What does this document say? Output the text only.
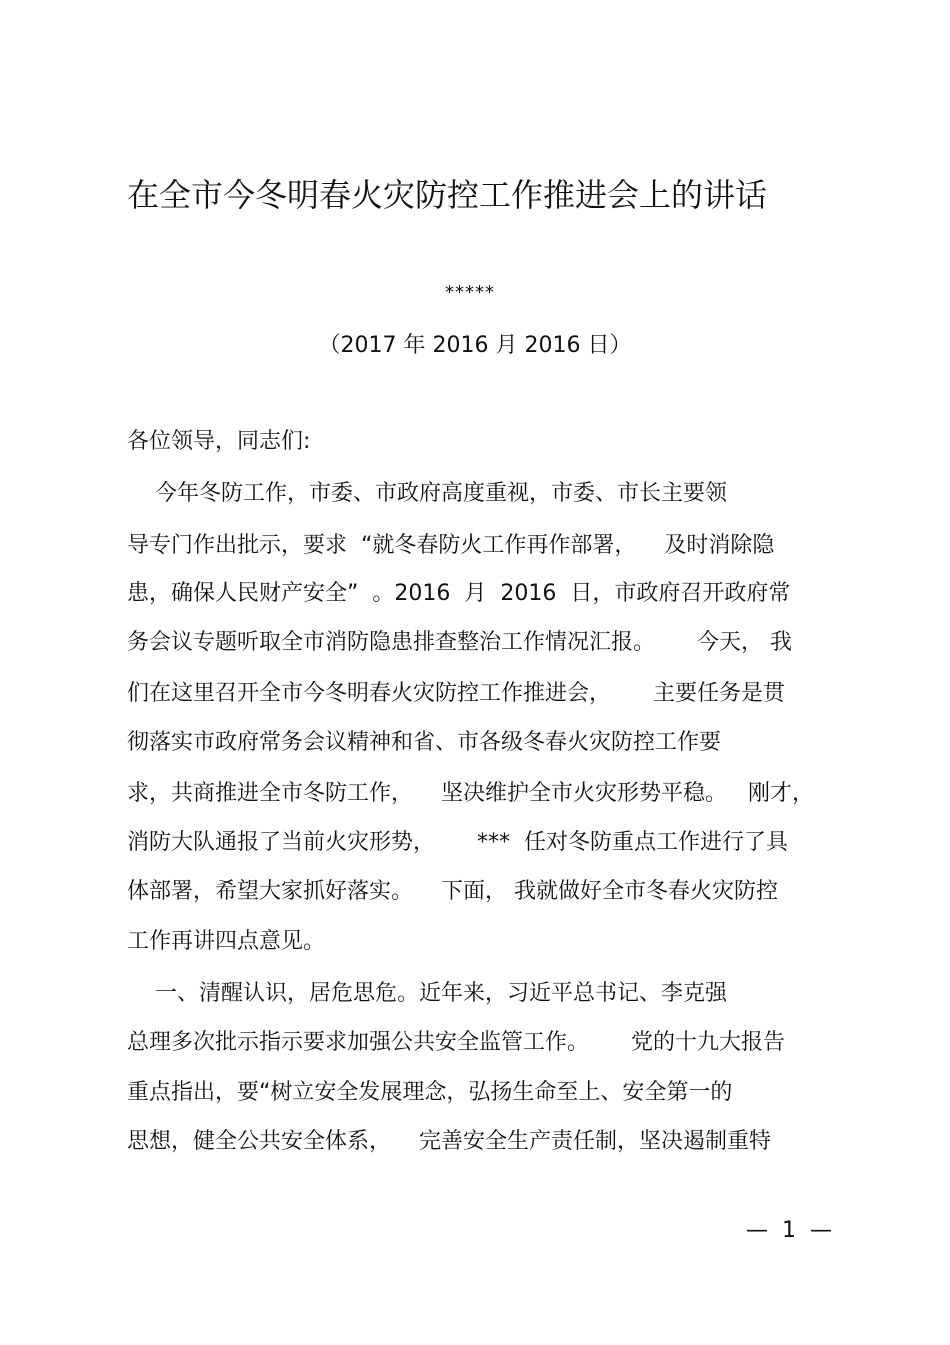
在全市今冬明春火灾防控工作推进会上的讲话
*****
（2017 年 2016 月 2016 日）
各位领导，同志们:
今年冬防工作，市委、市政府高度重视，市委、市长主要领
导专门作出批示，要求  “就冬春防火工作再作部署，    及时消除隐
患，确保人民财产安全”  。2016  月  2016  日，市政府召开政府常
务会议专题听取全市消防隐患排查整治工作情况汇报。      今天， 我
们在这里召开全市今冬明春火灾防控工作推进会，      主要任务是贯
彻落实市政府常务会议精神和省、市各级冬春火灾防控工作要
求，共商推进全市冬防工作，    坚决维护全市火灾形势平稳。   刚才，
消防大队通报了当前火灾形势，      ***  任对冬防重点工作进行了具
体部署，希望大家抓好落实。    下面， 我就做好全市冬春火灾防控
工作再讲四点意见。
一、清醒认识，居危思危。近年来，习近平总书记、李克强
总理多次批示指示要求加强公共安全监管工作。      党的十九大报告
重点指出，要“树立安全发展理念，弘扬生命至上、安全第一的
思想，健全公共安全体系，    完善安全生产责任制，坚决遏制重特
—  1  —
